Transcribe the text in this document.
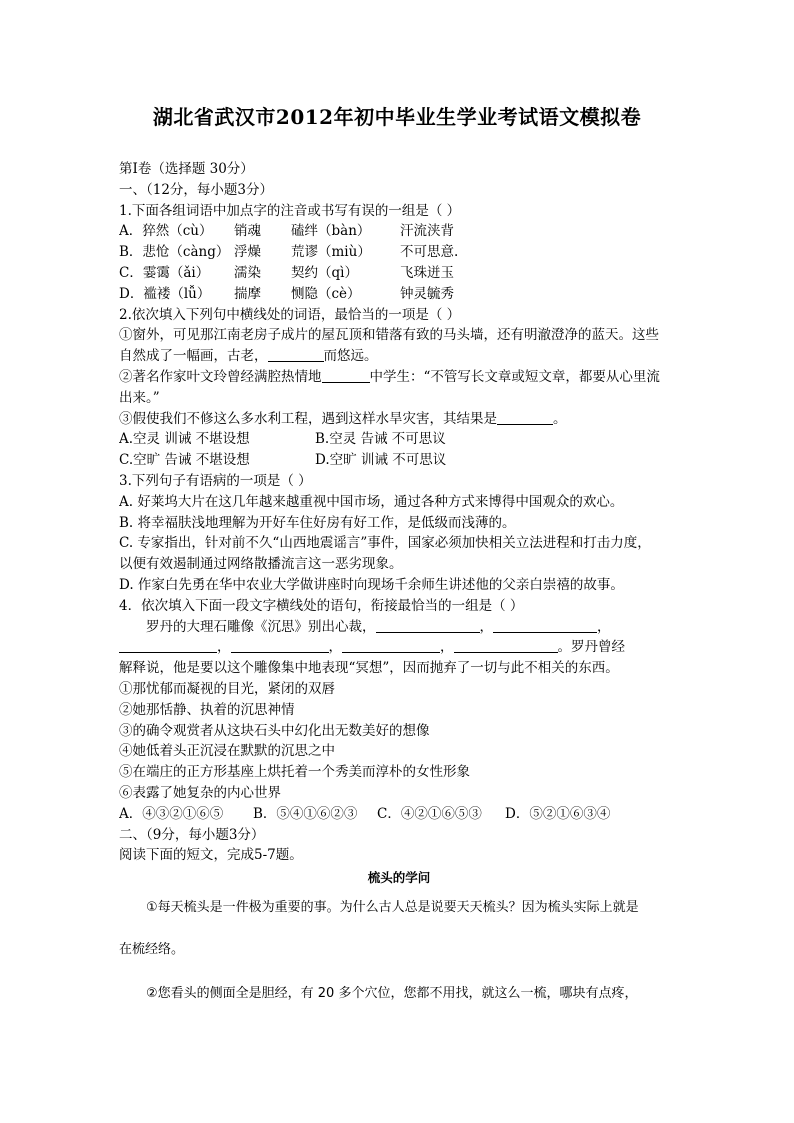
湖北省武汉市2012年初中毕业生学业考试语文模拟卷
第Ⅰ卷（选择题 30分）
一、（12分，每小题3分）
1.下面各组词语中加点字的注音或书写有误的一组是（ ）
A．猝然（cù） 销魂 磕绊（bàn） 汗流浃背
B．悲怆（càng） 浮燥 荒谬（miù） 不可思意.
C．霎霭（ǎi） 濡染 契约（qì）	飞珠迸玉
D．褴褛（lǚ） 揣摩 恻隐（cè）	钟灵毓秀
2.依次填入下列句中横线处的词语，最恰当的一项是（ ）
①窗外，可见那江南老房子成片的屋瓦顶和错落有致的马头墙，还有明澈澄净的蓝天。这些
自然成了一幅画，古老，	而悠远。
②著名作家叶文玲曾经满腔热情地	中学生：“不管写长文章或短文章，都要从心里流
出来。”
③假使我们不修这么多水利工程，遇到这样水旱灾害，其结果是	。
A.空灵 训诫 不堪设想	B.空灵 告诫 不可思议
C.空旷 告诫 不堪设想	D.空旷 训诫 不可思议
3.下列句子有语病的一项是（ ）
A. 好莱坞大片在这几年越来越重视中国市场，通过各种方式来博得中国观众的欢心。
B. 将幸福肤浅地理解为开好车住好房有好工作，是低级而浅薄的。
C. 专家指出，针对前不久“山西地震谣言”事件，国家必须加快相关立法进程和打击力度，
以便有效遏制通过网络散播流言这一恶劣现象。
D. 作家白先勇在华中农业大学做讲座时向现场千余师生讲述他的父亲白崇禧的故事。
4．依次填入下面一段文字横线处的语句，衔接最恰当的一组是（ ）
罗丹的大理石雕像《沉思》别出心裁，	，	，
，	，	，	。罗丹曾经
解释说，他是要以这个雕像集中地表现“冥想”，因而抛弃了一切与此不相关的东西。
①那忧郁而凝视的目光，紧闭的双唇
②她那恬静、执着的沉思神情
③的确令观赏者从这块石头中幻化出无数美好的想像
④她低着头正沉浸在默默的沉思之中
⑤在端庄的正方形基座上烘托着一个秀美而淳朴的女性形象
⑥表露了她复杂的内心世界
A．④③②①⑥⑤ B．⑤④①⑥②③ C．④②①⑥⑤③ D．⑤②①⑥③④
二、（9分，每小题3分）
阅读下面的短文，完成5-7题。
梳头的学问
①每天梳头是一件极为重要的事。为什么古人总是说要天天梳头？因为梳头实际上就是
在梳经络。
②您看头的侧面全是胆经，有 20 多个穴位，您都不用找，就这么一梳，哪块有点疼，
